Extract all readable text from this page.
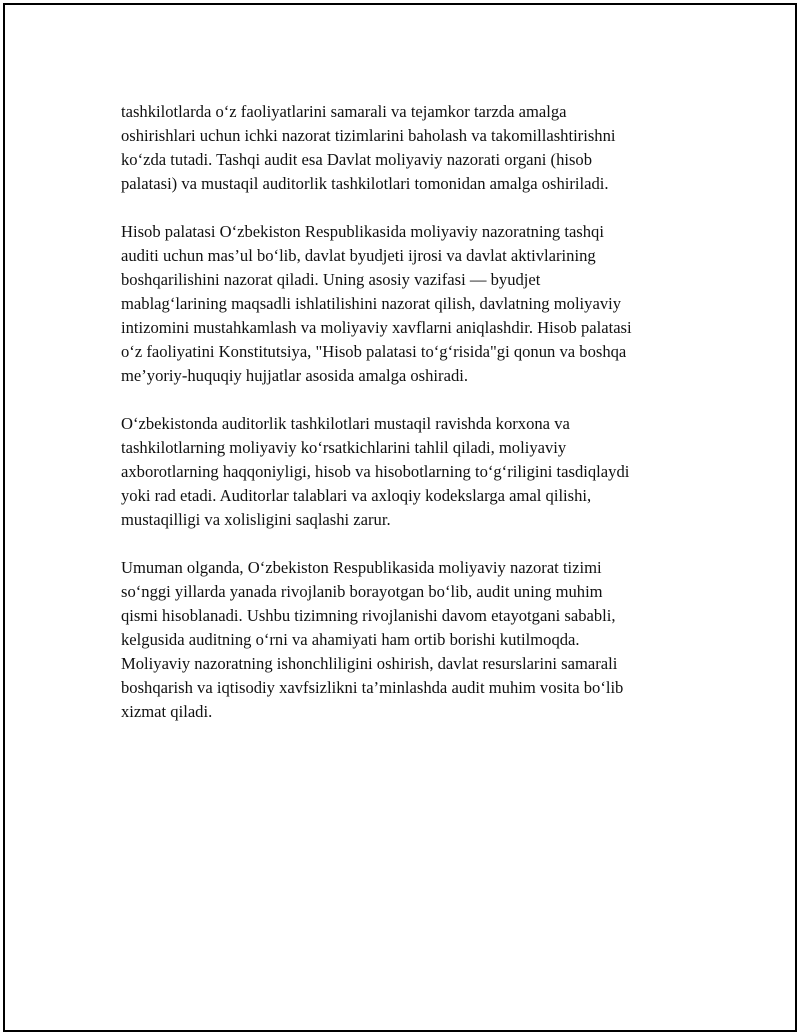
tashkilotlarda o‘z faoliyatlarini samarali va tejamkor tarzda amalga
oshirishlari uchun ichki nazorat tizimlarini baholash va takomillashtirishni
ko‘zda tutadi. Tashqi audit esa Davlat moliyaviy nazorati organi (hisob
palatasi) va mustaqil auditorlik tashkilotlari tomonidan amalga oshiriladi.

Hisob palatasi O‘zbekiston Respublikasida moliyaviy nazoratning tashqi
auditi uchun mas’ul bo‘lib, davlat byudjeti ijrosi va davlat aktivlarining
boshqarilishini nazorat qiladi. Uning asosiy vazifasi — byudjet
mablag‘larining maqsadli ishlatilishini nazorat qilish, davlatning moliyaviy
intizomini mustahkamlash va moliyaviy xavflarni aniqlashdir. Hisob palatasi
o‘z faoliyatini Konstitutsiya, "Hisob palatasi to‘g‘risida"gi qonun va boshqa
me’yoriy-huquqiy hujjatlar asosida amalga oshiradi.

O‘zbekistonda auditorlik tashkilotlari mustaqil ravishda korxona va
tashkilotlarning moliyaviy ko‘rsatkichlarini tahlil qiladi, moliyaviy
axborotlarning haqqoniyligi, hisob va hisobotlarning to‘g‘riligini tasdiqlaydi
yoki rad etadi. Auditorlar talablari va axloqiy kodekslarga amal qilishi,
mustaqilligi va xolisligini saqlashi zarur.

Umuman olganda, O‘zbekiston Respublikasida moliyaviy nazorat tizimi
so‘nggi yillarda yanada rivojlanib borayotgan bo‘lib, audit uning muhim
qismi hisoblanadi. Ushbu tizimning rivojlanishi davom etayotgani sababli,
kelgusida auditning o‘rni va ahamiyati ham ortib borishi kutilmoqda.
Moliyaviy nazoratning ishonchliligini oshirish, davlat resurslarini samarali
boshqarish va iqtisodiy xavfsizlikni ta’minlashda audit muhim vosita bo‘lib
xizmat qiladi.
